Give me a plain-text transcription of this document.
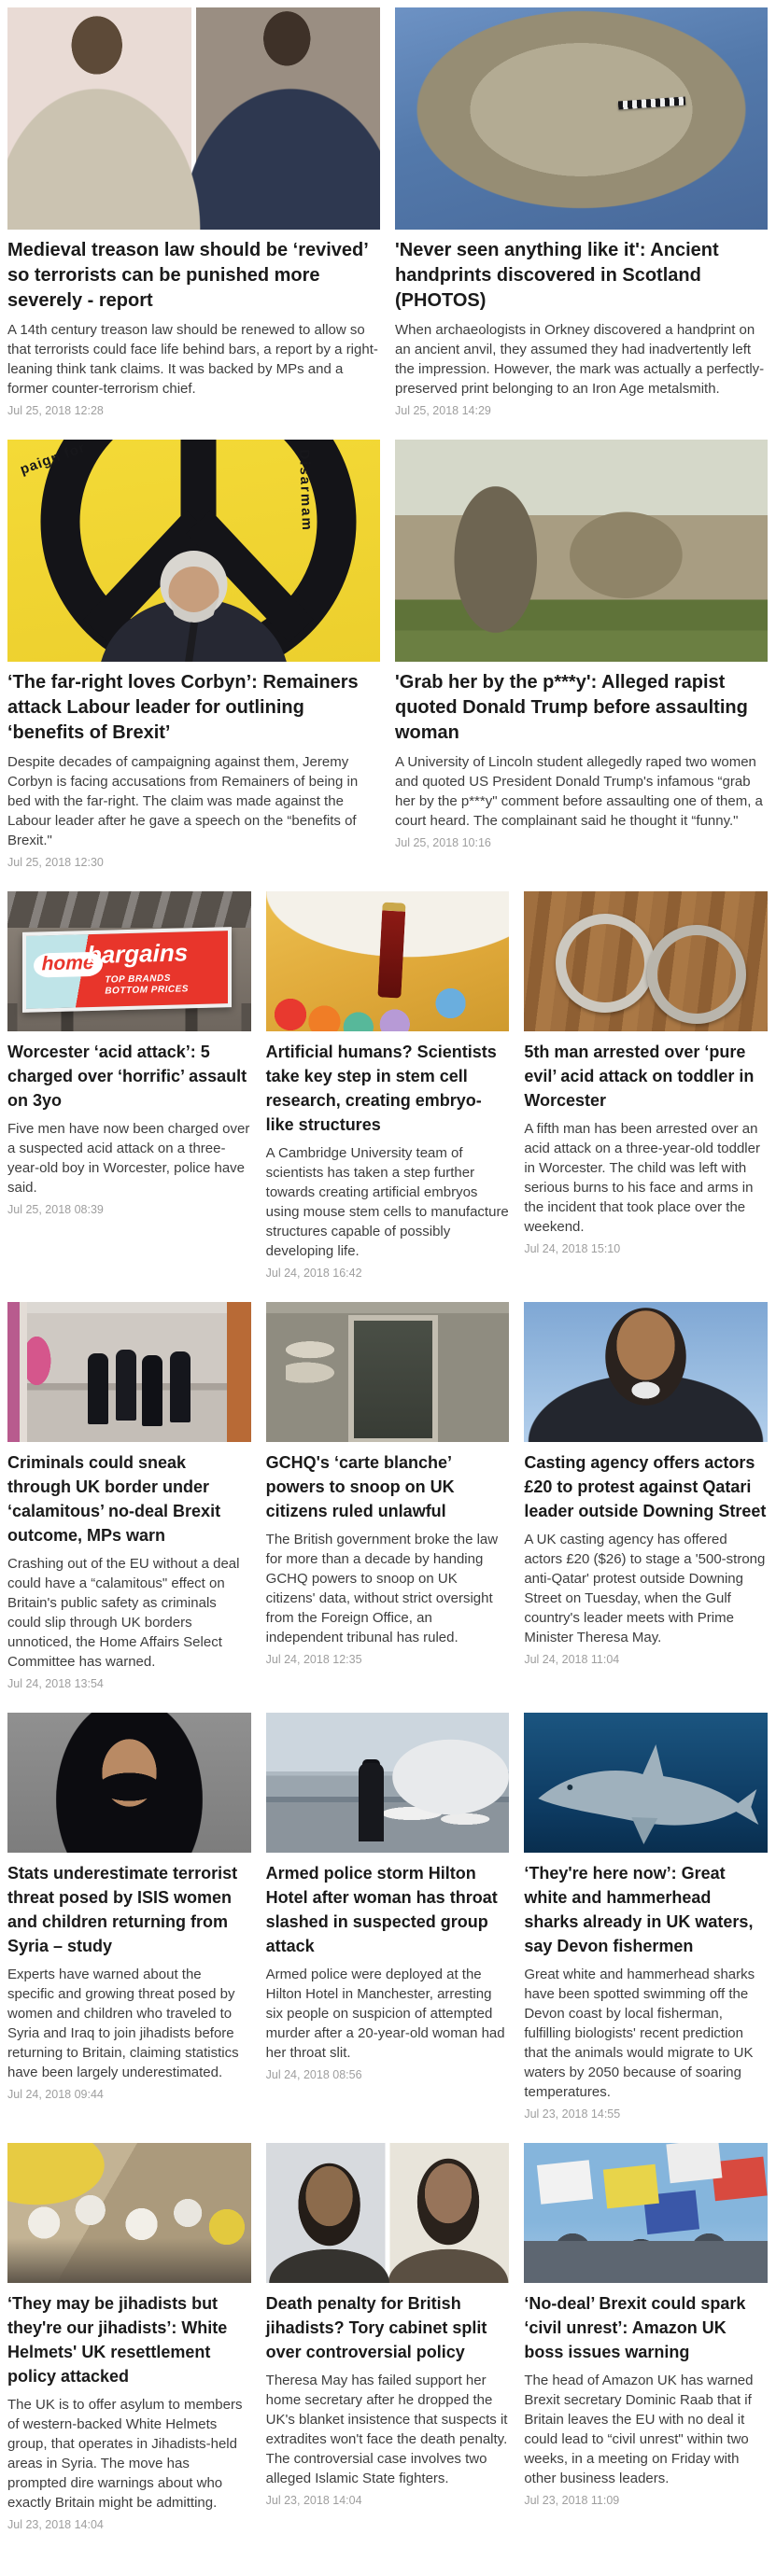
Medieval treason law should be ‘revived’ so terrorists can be punished more severely - report

A 14th century treason law should be renewed to allow so that terrorists could face life behind bars, a report by a right-leaning think tank claims. It was backed by MPs and a former counter-terrorism chief.

Jul 25, 2018 12:28
'Never seen anything like it': Ancient handprints discovered in Scotland (PHOTOS)

When archaeologists in Orkney discovered a handprint on an ancient anvil, they assumed they had inadvertently left the impression. However, the mark was actually a perfectly-preserved print belonging to an Iron Age metalsmith.

Jul 25, 2018 14:29
paign for	Disarmam
‘The far-right loves Corbyn’: Remainers attack Labour leader for outlining ‘benefits of Brexit’

Despite decades of campaigning against them, Jeremy Corbyn is facing accusations from Remainers of being in bed with the far-right. The claim was made against the Labour leader after he gave a speech on the “benefits of Brexit."

Jul 25, 2018 12:30
'Grab her by the p***y': Alleged rapist quoted Donald Trump before assaulting woman

A University of Lincoln student allegedly raped two women and quoted US President Donald Trump's infamous “grab her by the p***y" comment before assaulting one of them, a court heard. The complainant said he thought it “funny."

Jul 25, 2018 10:16
home
bargains
TOP BRANDS
BOTTOM PRICES
Worcester ‘acid attack’: 5 charged over ‘horrific’ assault on 3yo

Five men have now been charged over a suspected acid attack on a three-year-old boy in Worcester, police have said.

Jul 25, 2018 08:39
Artificial humans? Scientists take key step in stem cell research, creating embryo-like structures

A Cambridge University team of scientists has taken a step further towards creating artificial embryos using mouse stem cells to manufacture structures capable of possibly developing life.

Jul 24, 2018 16:42
5th man arrested over ‘pure evil’ acid attack on toddler in Worcester

A fifth man has been arrested over an acid attack on a three-year-old toddler in Worcester. The child was left with serious burns to his face and arms in the incident that took place over the weekend.

Jul 24, 2018 15:10
Criminals could sneak through UK border under ‘calamitous’ no-deal Brexit outcome, MPs warn

Crashing out of the EU without a deal could have a “calamitous" effect on Britain's public safety as criminals could slip through UK borders unnoticed, the Home Affairs Select Committee has warned.

Jul 24, 2018 13:54
GCHQ's ‘carte blanche’ powers to snoop on UK citizens ruled unlawful

The British government broke the law for more than a decade by handing GCHQ powers to snoop on UK citizens' data, without strict oversight from the Foreign Office, an independent tribunal has ruled.

Jul 24, 2018 12:35
Casting agency offers actors £20 to protest against Qatari leader outside Downing Street

A UK casting agency has offered actors £20 ($26) to stage a '500-strong anti-Qatar' protest outside Downing Street on Tuesday, when the Gulf country's leader meets with Prime Minister Theresa May.

Jul 24, 2018 11:04
Stats underestimate terrorist threat posed by ISIS women and children returning from Syria – study

Experts have warned about the specific and growing threat posed by women and children who traveled to Syria and Iraq to join jihadists before returning to Britain, claiming statistics have been largely underestimated.

Jul 24, 2018 09:44
Armed police storm Hilton Hotel after woman has throat slashed in suspected group attack

Armed police were deployed at the Hilton Hotel in Manchester, arresting six people on suspicion of attempted murder after a 20-year-old woman had her throat slit.

Jul 24, 2018 08:56
‘They're here now’: Great white and hammerhead sharks already in UK waters, say Devon fishermen

Great white and hammerhead sharks have been spotted swimming off the Devon coast by local fisherman, fulfilling biologists' recent prediction that the animals would migrate to UK waters by 2050 because of soaring temperatures.

Jul 23, 2018 14:55
‘They may be jihadists but they're our jihadists’: White Helmets' UK resettlement policy attacked

The UK is to offer asylum to members of western-backed White Helmets group, that operates in Jihadists-held areas in Syria. The move has prompted dire warnings about who exactly Britain might be admitting.

Jul 23, 2018 14:04
Death penalty for British jihadists? Tory cabinet split over controversial policy

Theresa May has failed support her home secretary after he dropped the UK's blanket insistence that suspects it extradites won't face the death penalty. The controversial case involves two alleged Islamic State fighters.

Jul 23, 2018 14:04
‘No-deal’ Brexit could spark ‘civil unrest’: Amazon UK boss issues warning

The head of Amazon UK has warned Brexit secretary Dominic Raab that if Britain leaves the EU with no deal it could lead to “civil unrest" within two weeks, in a meeting on Friday with other business leaders.

Jul 23, 2018 11:09
